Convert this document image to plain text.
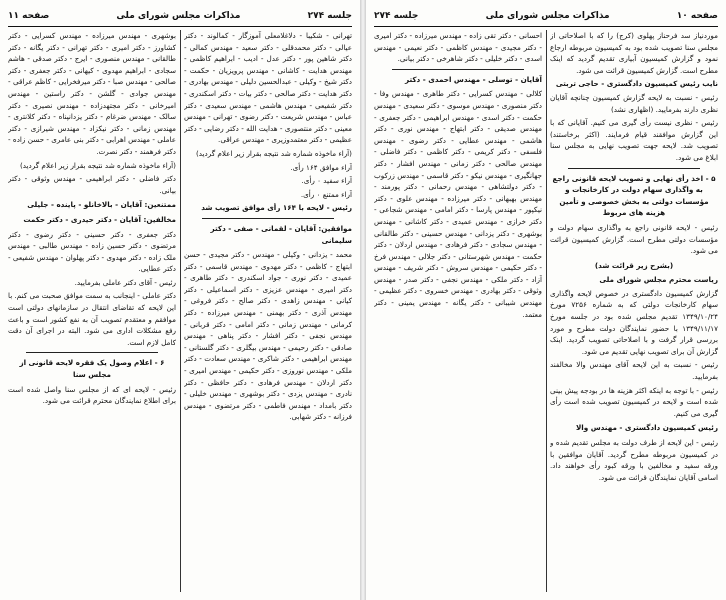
جلسه ۲۷۴
مذاکرات مجلس شورای ملی
صفحه ۱۱

تهرانی - شکیبا - دلاغلامعلی آموزگار - کمالوند - دکتر عیالی - دکتر محمدقلی - دکتر سعید - مهندس کمالی - دکتر شاهین پور - دکتر عدل - ادیب - ابراهیم کاظمی - مهندس هدایت - کاشانی - مهندس پرویزیان - حکمت - دکتر شیخ - وکیلی - عبدالحسین دلیلی - مهندس بهادری - دکتر هدایت - دکتر صالحی - دکتر بیات - دکتر اسکندری - دکتر شفیعی - مهندس هاشمی - مهندس سعیدی - دکتر عباس - مهندس شریعت - دکتر رضوی - تهرانی - مهندس معینی - دکتر منتصوری - هدایت الله - دکتر رضایی - دکتر عظیمی - دکتر معتمدوزیری - مهندس عراقی.

(آراء ماخوذه شماره شد نتیجه بقرار زیر اعلام گردید)

آراء موافق ۱۶۴ رأی.

آراء سفید ۰ رأی.

آراء ممتنع ۰ رأی.

رئیس - لایحه با ۱۶۴ رأی موافق تصویب شد

موافقین: آقایان - لقمانی - صفی - دکتر سلیمانی

محمد - یزدانی - وکیلی - مهندس - دکتر مجیدی - حسن ابتهاج - کاظمی - دکتر مهدوی - مهندس قاسمی - دکتر عمیدی - دکتر نوری - جواد اسکندری - دکتر طاهری - دکتر امیری - مهندس عزیزی - دکتر اسماعیلی - دکتر کیانی - مهندس زاهدی - دکتر صالح - دکتر فروغی - مهندس آذری - دکتر بهمنی - مهندس میرزاده - دکتر کرمانی - مهندس زمانی - دکتر امامی - دکتر قربانی - مهندس نجفی - دکتر افشار - دکتر پناهی - مهندس صادقی - دکتر رحیمی - مهندس بیگلری - دکتر گلستانی - مهندس ابراهیمی - دکتر شاکری - مهندس سعادت - دکتر ملکی - مهندس نوروزی - دکتر حکیمی - مهندس امیری - دکتر اردلان - مهندس فرهادی - دکتر حافظی - دکتر نادری - مهندس یزدی - دکتر بوشهری - مهندس خلیلی - دکتر بامداد - مهندس فاطمی - دکتر مرتضوی - مهندس فرزانه - دکتر شهابی.

بوشهری - مهندس میرزاده - مهندس کسرایی - دکتر کشاورز - دکتر امیری - دکتر تهرانی - دکتر یگانه - دکتر طالقانی - مهندس منصوری - ایرج - دکتر صدقی - هاشم سجادی - ابراهیم مهدوی - کیهانی - دکتر جعفری - دکتر صالحی - مهندس صبا - دکتر میرفخرایی - کاظم عراقی - مهندس جوادی - گلشن - دکتر راستین - مهندس امیرخانی - دکتر مجتهدزاده - مهندس نصیری - دکتر سالک - مهندس ضرغام - دکتر یزدانپناه - دکتر کلانتری - مهندس زمانی - دکتر نیکزاد - مهندس شیرازی - دکتر عاملی - مهندس اهرابی - دکتر بنی عامری - حسن زاده - دکتر فرهمند - دکتر نصرت.

(آراء ماخوذه شماره شد نتیجه بقرار زیر اعلام گردید)

دکتر فاضلی - دکتر ابراهیمی - مهندس وثوقی - دکتر بیانی.

ممتنعین: آقایان - بالاخانلو - پاینده - جلیلی

مخالفین: آقایان - دکتر حیدری - دکتر حکمت

دکتر جعفری - دکتر حسینی - دکتر رضوی - دکتر مرتضوی - دکتر حسین زاده - مهندس طالبی - مهندس ملک زاده - دکتر مهدوی - دکتر پهلوان - مهندس شفیعی - دکتر عطایی.

رئیس - آقای دکتر عاملی بفرمایید.

دکتر عاملی - اینجانب به سمت موافق صحبت می کنم. با این لایحه که تقاضای انتقال در سازمانهای دولتی است موافقم و معتقدم تصویب آن به نفع کشور است و باعث رفع مشکلات اداری می شود. البته در اجرای آن دقت کامل لازم است.

۶ - اعلام وصول یک فقره لایحه قانونی از مجلس سنا

رئیس - لایحه ای که از مجلس سنا واصل شده است برای اطلاع نمایندگان محترم قرائت می شود.

صفحه ۱۰
مذاکرات مجلس شورای ملی
جلسه ۲۷۴

موردنیاز سد فرحناز پهلوی (کرج) را که با اصلاحاتی از مجلس سنا تصویب شده بود به کمیسیون مربوطه ارجاع نمود و گزارش کمیسیون آبیاری تقدیم گردید که اینک مطرح است. گزارش کمیسیون قرائت می شود.

نایب رئیس کمیسیون دادگستری - حاجی تربتی

رئیس - نسبت به لایحه گزارش کمیسیون چنانچه آقایان نظری دارند بفرمایید. (اظهاری نشد)

رئیس - نظری نیست رأی گیری می کنیم. آقایانی که با این گزارش موافقند قیام فرمایند. (اکثر برخاستند) تصویب شد. لایحه جهت تصویب نهایی به مجلس سنا ابلاغ می شود.

۵ - اخذ رأی نهایی و تصویب لایحه قانونی راجع به واگذاری سهام دولت در کارخانجات و مؤسسات دولتی به بخش خصوصی و تأمین هزینه های مربوط

رئیس - لایحه قانونی راجع به واگذاری سهام دولت و مؤسسات دولتی مطرح است. گزارش کمیسیون قرائت می شود.

(بشرح زیر قرائت شد)

ریاست محترم مجلس شورای ملی

گزارش کمیسیون دادگستری در خصوص لایحه واگذاری سهام کارخانجات دولتی که به شماره ۷۲۵۶ مورخ ۱۳۴۹/۱۰/۲۴ تقدیم مجلس شده بود در جلسه مورخ ۱۳۴۹/۱۱/۱۷ با حضور نمایندگان دولت مطرح و مورد بررسی قرار گرفت و با اصلاحاتی تصویب گردید. اینک گزارش آن برای تصویب نهایی تقدیم می شود.

رئیس - نسبت به این لایحه آقای مهندس والا مخالفند بفرمایید.

رئیس - با توجه به اینکه اکثر هزینه ها در بودجه پیش بینی شده است و لایحه در کمیسیون تصویب شده است رأی گیری می کنیم.

رئیس کمیسیون دادگستری - مهندس والا

رئیس - این لایحه از طرف دولت به مجلس تقدیم شده و در کمیسیون مربوطه مطرح گردید. آقایان موافقین با ورقه سفید و مخالفین با ورقه کبود رأی خواهند داد. اسامی آقایان نمایندگان قرائت می شود.

احسانی - دکتر تقی زاده - مهندس میرزاده - دکتر امیری - دکتر مجیدی - مهندس کاظمی - دکتر نعیمی - مهندس اسدی - دکتر خلیلی - دکتر شاهرخی - دکتر بیانی.

آقایان - توسلی - مهندس احمدی - دکتر

کلالی - مهندس کسرایی - دکتر طاهری - مهندس وفا - دکتر منصوری - مهندس موسوی - دکتر سعیدی - مهندس حکمت - دکتر اسدی - مهندس ابراهیمی - دکتر جعفری - مهندس صدیقی - دکتر ابتهاج - مهندس نوری - دکتر هاشمی - مهندس عطایی - دکتر رضوی - مهندس فلسفی - دکتر کریمی - دکتر کاظمی - دکتر فاضلی - مهندس صالحی - دکتر زمانی - مهندس افشار - دکتر جهانگیری - مهندس نیکو - دکتر قاسمی - مهندس زرکوب - دکتر دولتشاهی - مهندس رحمانی - دکتر پورمند - مهندس بهبهانی - دکتر میرزاده - مهندس علوی - دکتر نیکپور - مهندس پارسا - دکتر امامی - مهندس شجاعی - دکتر خرازی - مهندس عمیدی - دکتر کاشانی - مهندس بوشهری - دکتر یزدانی - مهندس حسینی - دکتر طالقانی - مهندس سجادی - دکتر فرهادی - مهندس اردلان - دکتر حکمت - مهندس شهرستانی - دکتر جلالی - مهندس فرخ - دکتر حکیمی - مهندس سروش - دکتر شریف - مهندس آزاد - دکتر ملکی - مهندس نجفی - دکتر صدر - مهندس وثوقی - دکتر بهادری - مهندس خسروی - دکتر عظیمی - مهندس شیبانی - دکتر یگانه - مهندس یمینی - دکتر معتمد.
